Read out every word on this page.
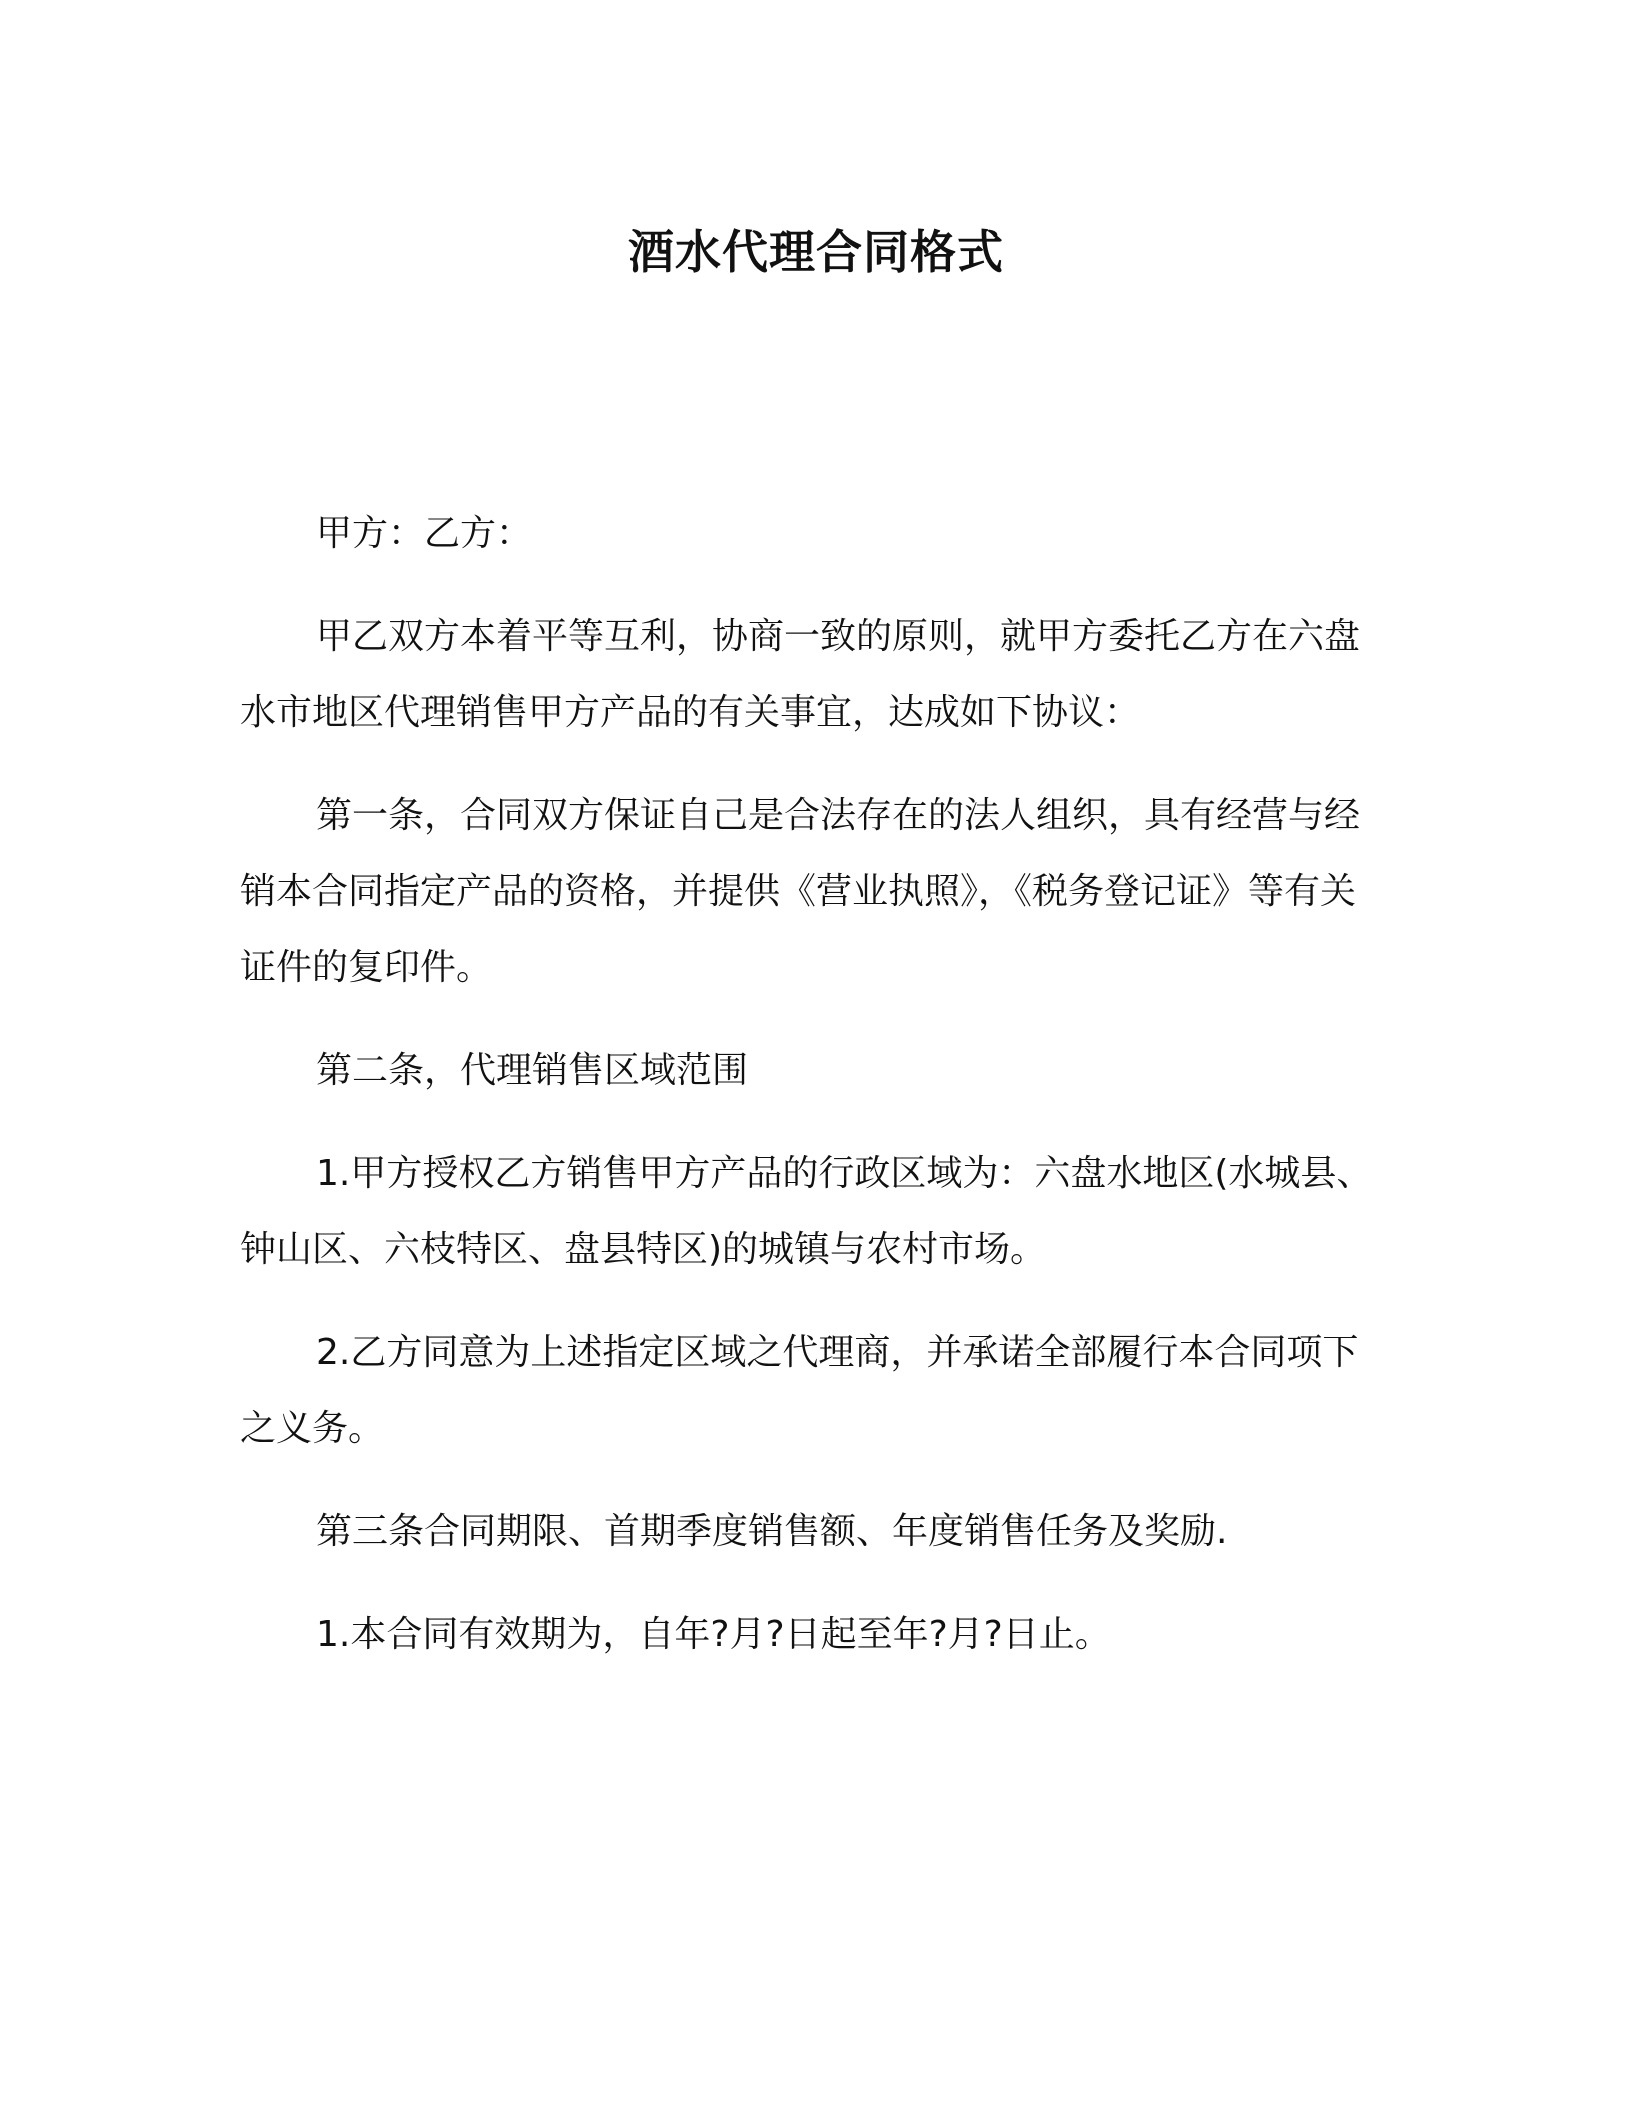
酒水代理合同格式

甲方：乙方：

甲乙双方本着平等互利，协商一致的原则，就甲方委托乙方在六盘水市地区代理销售甲方产品的有关事宜，达成如下协议：

第一条，合同双方保证自己是合法存在的法人组织，具有经营与经销本合同指定产品的资格，并提供《营业执照》，《税务登记证》等有关证件的复印件。

第二条，代理销售区域范围

1.甲方授权乙方销售甲方产品的行政区域为：六盘水地区(水城县、钟山区、六枝特区、盘县特区)的城镇与农村市场。

2.乙方同意为上述指定区域之代理商，并承诺全部履行本合同项下之义务。

第三条合同期限、首期季度销售额、年度销售任务及奖励.

1.本合同有效期为，自年?月?日起至年?月?日止。
